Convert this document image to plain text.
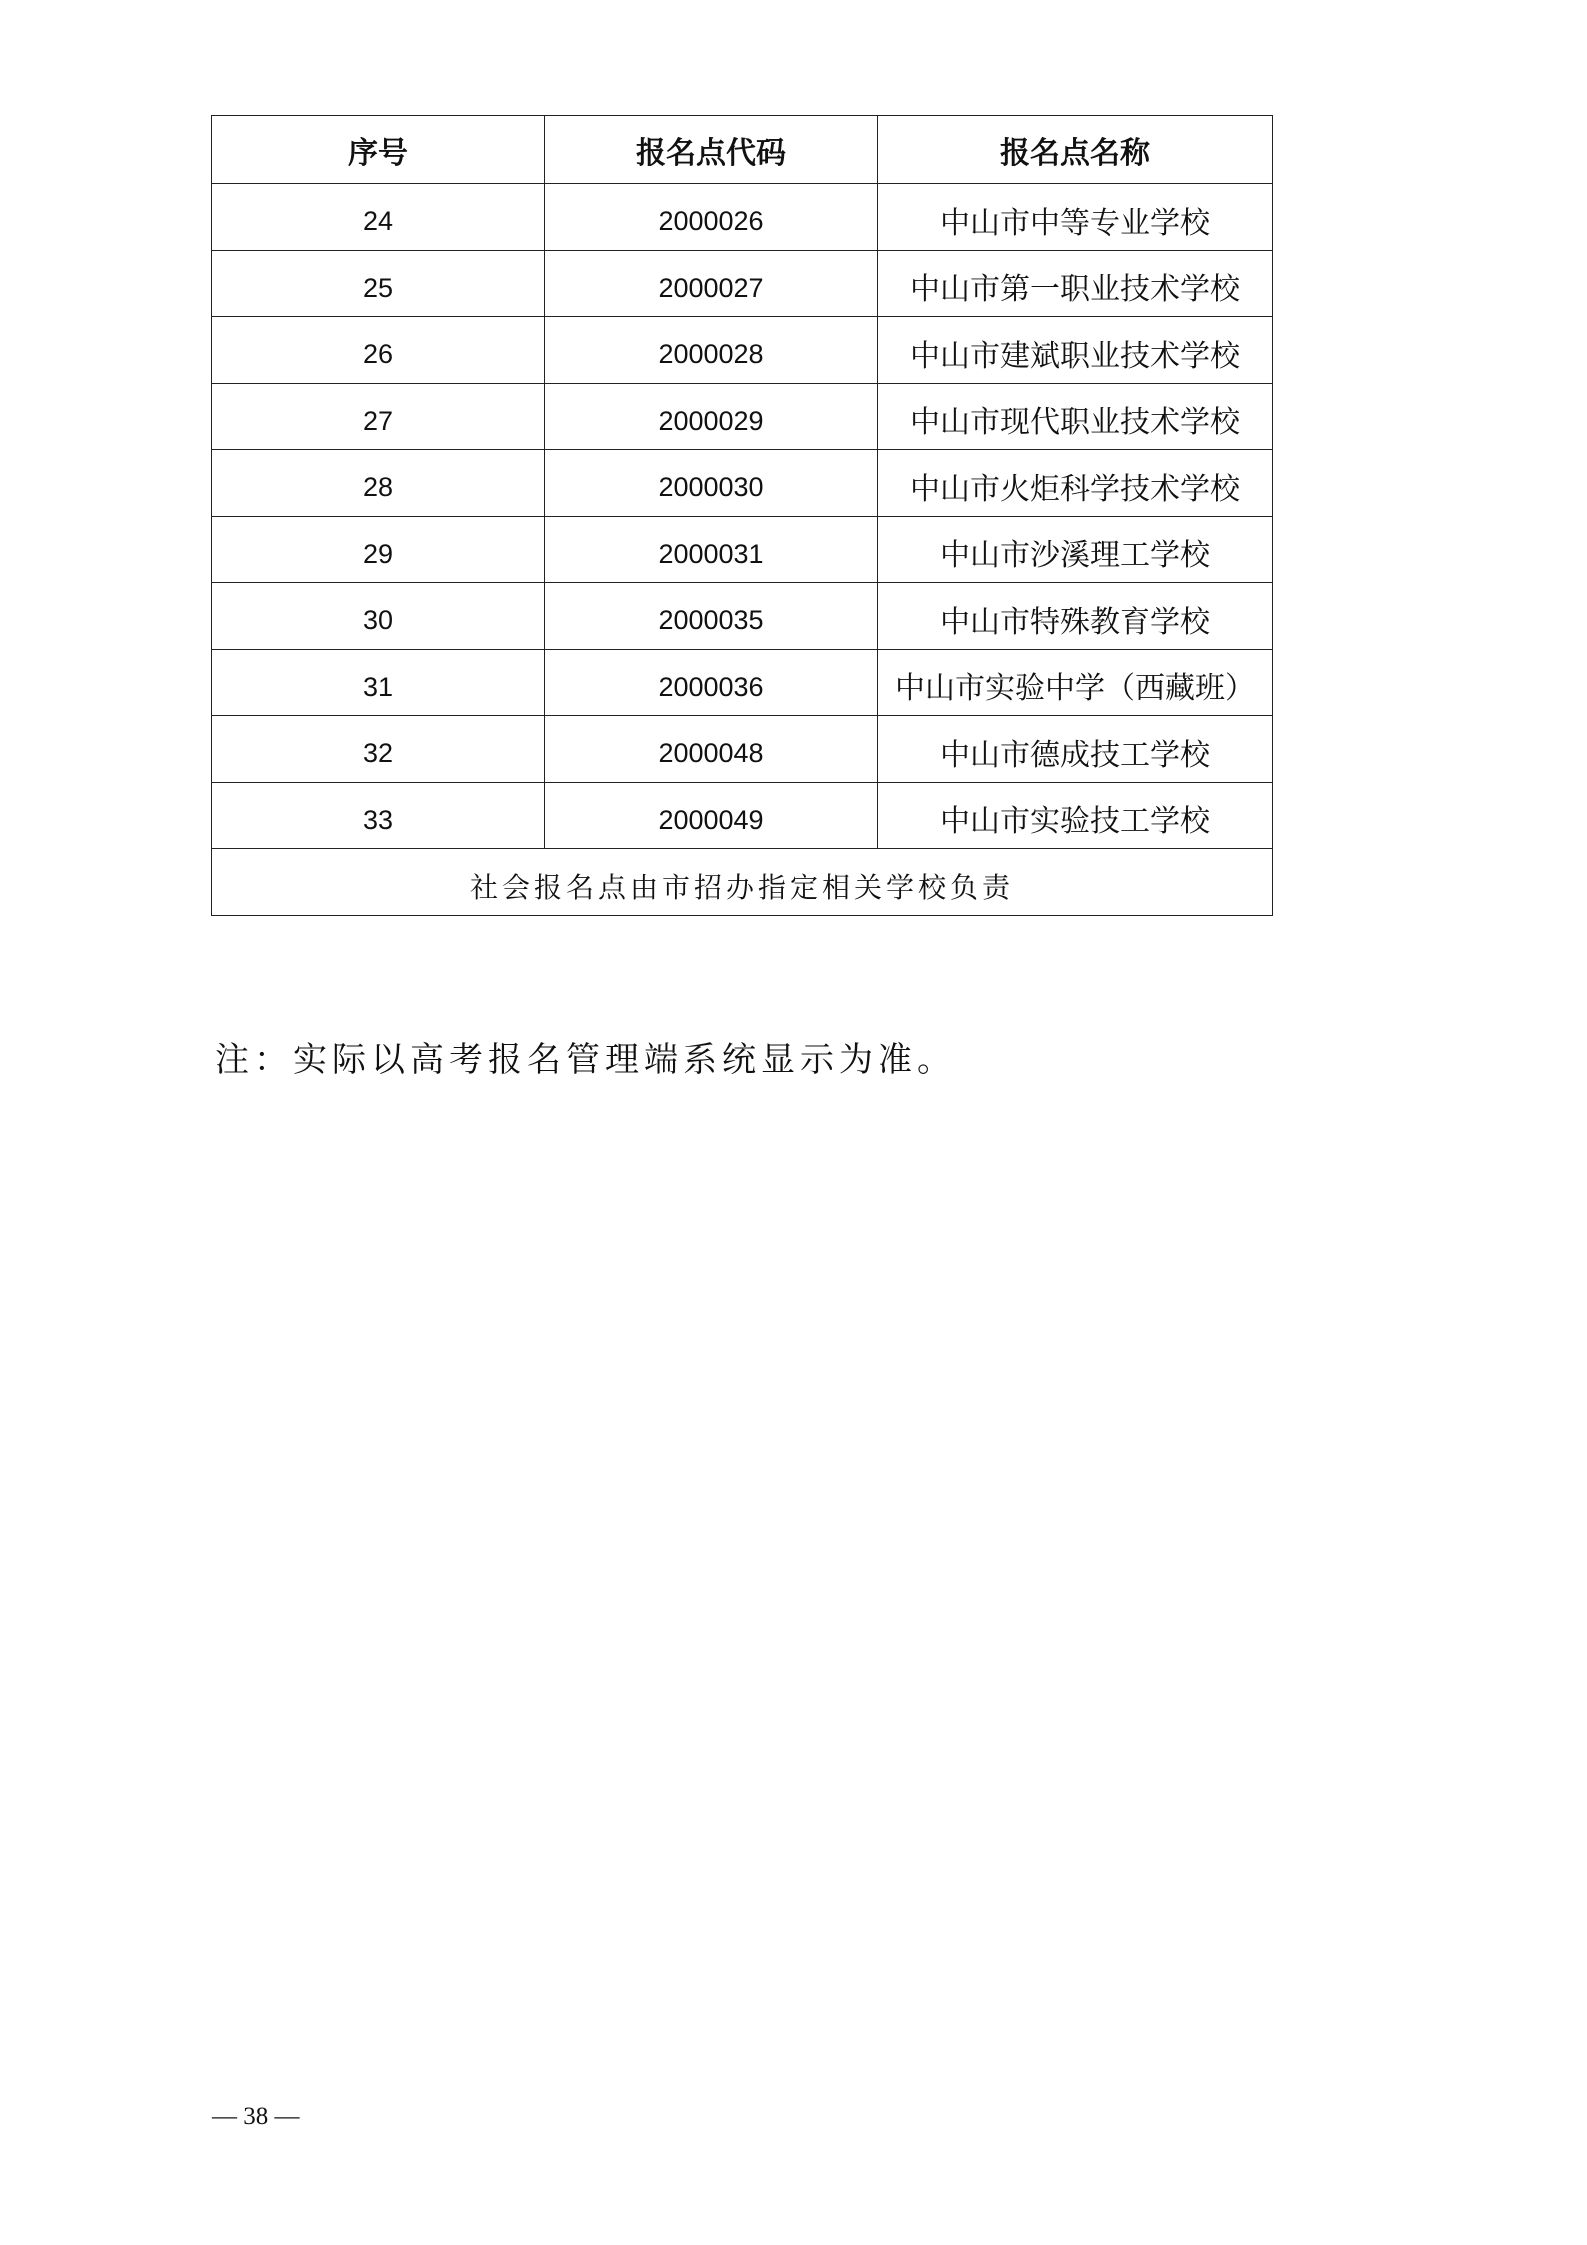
序号	报名点代码	报名点名称
24	2000026	中山市中等专业学校
25	2000027	中山市第一职业技术学校
26	2000028	中山市建斌职业技术学校
27	2000029	中山市现代职业技术学校
28	2000030	中山市火炬科学技术学校
29	2000031	中山市沙溪理工学校
30	2000035	中山市特殊教育学校
31	2000036	中山市实验中学（西藏班）
32	2000048	中山市德成技工学校
33	2000049	中山市实验技工学校
社会报名点由市招办指定相关学校负责		
注：实际以高考报名管理端系统显示为准。
— 38 —
